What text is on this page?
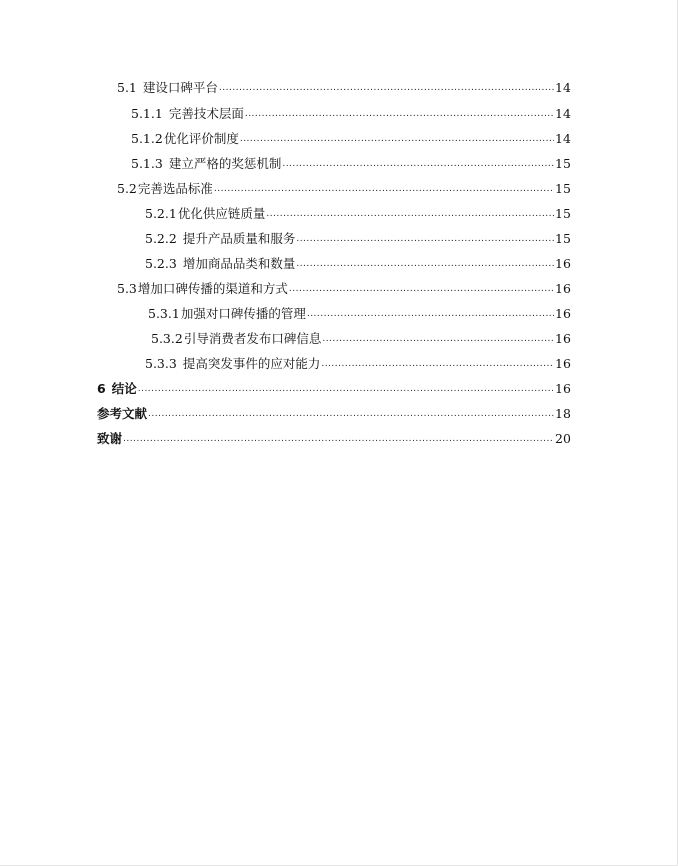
5.1 建设口碑平台 .....	14
5.1.1 完善技术层面 .....	14
5.1.2 优化评价制度 .....	14
5.1.3 建立严格的奖惩机制 .....	15
5.2 完善选品标准 .....	15
5.2.1 优化供应链质量 .....	15
5.2.2 提升产品质量和服务 .....	15
5.2.3 增加商品品类和数量 .....	16
5.3 增加口碑传播的渠道和方式 .....	16
5.3.1 加强对口碑传播的管理 .....	16
5.3.2 引导消费者发布口碑信息 .....	16
5.3.3 提高突发事件的应对能力 .....	16
6 结论 .....	16
参考文献 .....	18
致谢 .....	20
